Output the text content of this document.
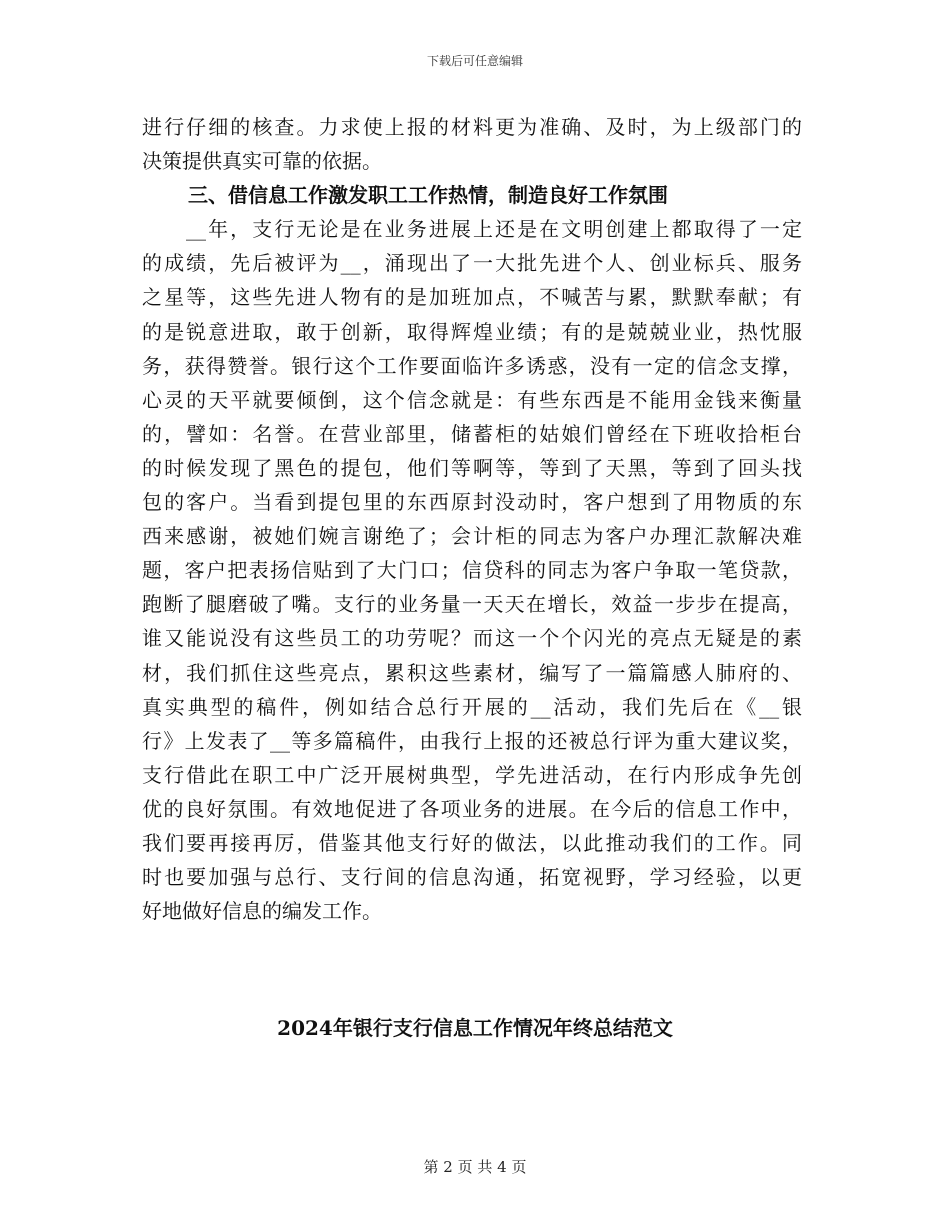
下载后可任意编辑
进行仔细的核查。力求使上报的材料更为准确、及时，为上级部门的
决策提供真实可靠的依据。
三、借信息工作激发职工工作热情，制造良好工作氛围
__年，支行无论是在业务进展上还是在文明创建上都取得了一定
的成绩，先后被评为__，涌现出了一大批先进个人、创业标兵、服务
之星等，这些先进人物有的是加班加点，不喊苦与累，默默奉献；有
的是锐意进取，敢于创新，取得辉煌业绩；有的是兢兢业业，热忱服
务，获得赞誉。银行这个工作要面临许多诱惑，没有一定的信念支撑，
心灵的天平就要倾倒，这个信念就是：有些东西是不能用金钱来衡量
的，譬如：名誉。在营业部里，储蓄柜的姑娘们曾经在下班收拾柜台
的时候发现了黑色的提包，他们等啊等，等到了天黑，等到了回头找
包的客户。当看到提包里的东西原封没动时，客户想到了用物质的东
西来感谢，被她们婉言谢绝了；会计柜的同志为客户办理汇款解决难
题，客户把表扬信贴到了大门口；信贷科的同志为客户争取一笔贷款，
跑断了腿磨破了嘴。支行的业务量一天天在增长，效益一步步在提高，
谁又能说没有这些员工的功劳呢？而这一个个闪光的亮点无疑是的素
材，我们抓住这些亮点，累积这些素材，编写了一篇篇感人肺府的、
真实典型的稿件，例如结合总行开展的__活动，我们先后在《__银
行》上发表了__等多篇稿件，由我行上报的还被总行评为重大建议奖，
支行借此在职工中广泛开展树典型，学先进活动，在行内形成争先创
优的良好氛围。有效地促进了各项业务的进展。在今后的信息工作中，
我们要再接再厉，借鉴其他支行好的做法，以此推动我们的工作。同
时也要加强与总行、支行间的信息沟通，拓宽视野，学习经验，以更
好地做好信息的编发工作。
2024年银行支行信息工作情况年终总结范文
第 2 页 共 4 页
